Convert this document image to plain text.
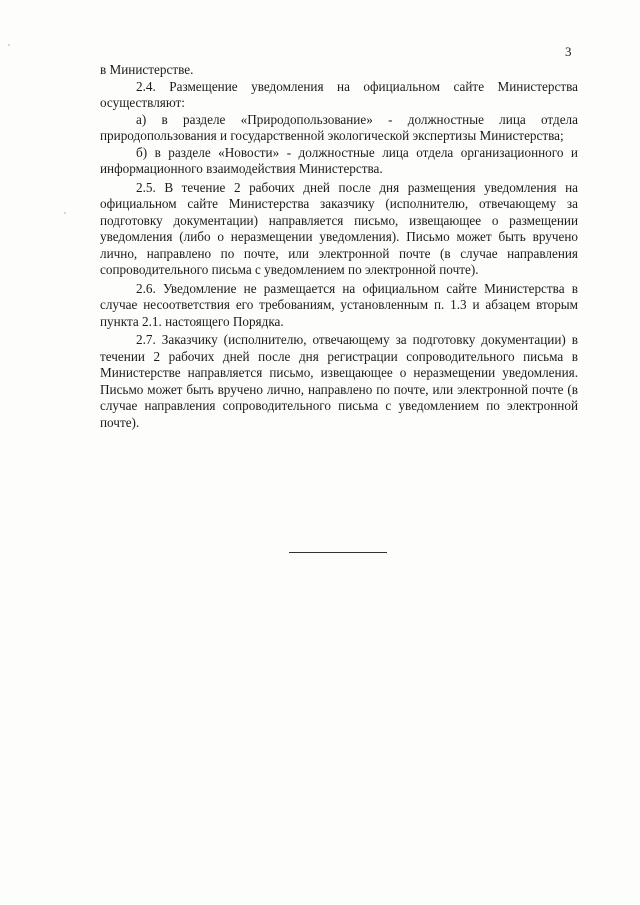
3

в Министерстве.

2.4. Размещение уведомления на официальном сайте Министерства осуществляют:

а) в разделе «Природопользование» - должностные лица отдела природопользования и государственной экологической экспертизы Министерства;

б) в разделе «Новости» - должностные лица отдела организационного и информационного взаимодействия Министерства.

2.5. В течение 2 рабочих дней после дня размещения уведомления на официальном сайте Министерства заказчику (исполнителю, отвечающему за подготовку документации) направляется письмо, извещающее о размещении уведомления (либо о неразмещении уведомления). Письмо может быть вручено лично, направлено по почте, или электронной почте (в случае направления сопроводительного письма с уведомлением по электронной почте).

2.6. Уведомление не размещается на официальном сайте Министерства в случае несоответствия его требованиям, установленным п. 1.3 и абзацем вторым пункта 2.1. настоящего Порядка.

2.7. Заказчику (исполнителю, отвечающему за подготовку документации) в течении 2 рабочих дней после дня регистрации сопроводительного письма в Министерстве направляется письмо, извещающее о неразмещении уведомления. Письмо может быть вручено лично, направлено по почте, или электронной почте (в случае направления сопроводительного письма с уведомлением по электронной почте).
